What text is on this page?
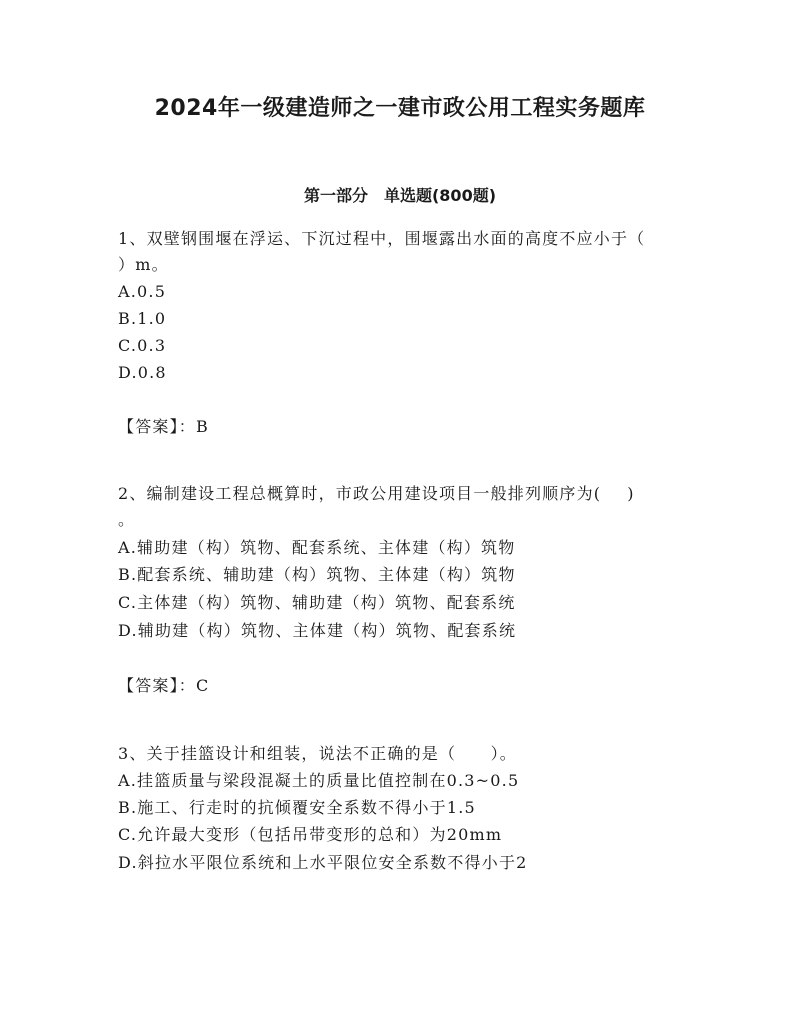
2024年一级建造师之一建市政公用工程实务题库
第一部分　单选题(800题)
1、双壁钢围堰在浮运、下沉过程中，围堰露出水面的高度不应小于（
）m。
A.0.5
B.1.0
C.0.3
D.0.8
【答案】：B
2、编制建设工程总概算时，市政公用建设项目一般排列顺序为( )
。
A.辅助建（构）筑物、配套系统、主体建（构）筑物
B.配套系统、辅助建（构）筑物、主体建（构）筑物
C.主体建（构）筑物、辅助建（构）筑物、配套系统
D.辅助建（构）筑物、主体建（构）筑物、配套系统
【答案】：C
3、关于挂篮设计和组装，说法不正确的是（　　）。
A.挂篮质量与梁段混凝土的质量比值控制在0.3~0.5
B.施工、行走时的抗倾覆安全系数不得小于1.5
C.允许最大变形（包括吊带变形的总和）为20mm
D.斜拉水平限位系统和上水平限位安全系数不得小于2
